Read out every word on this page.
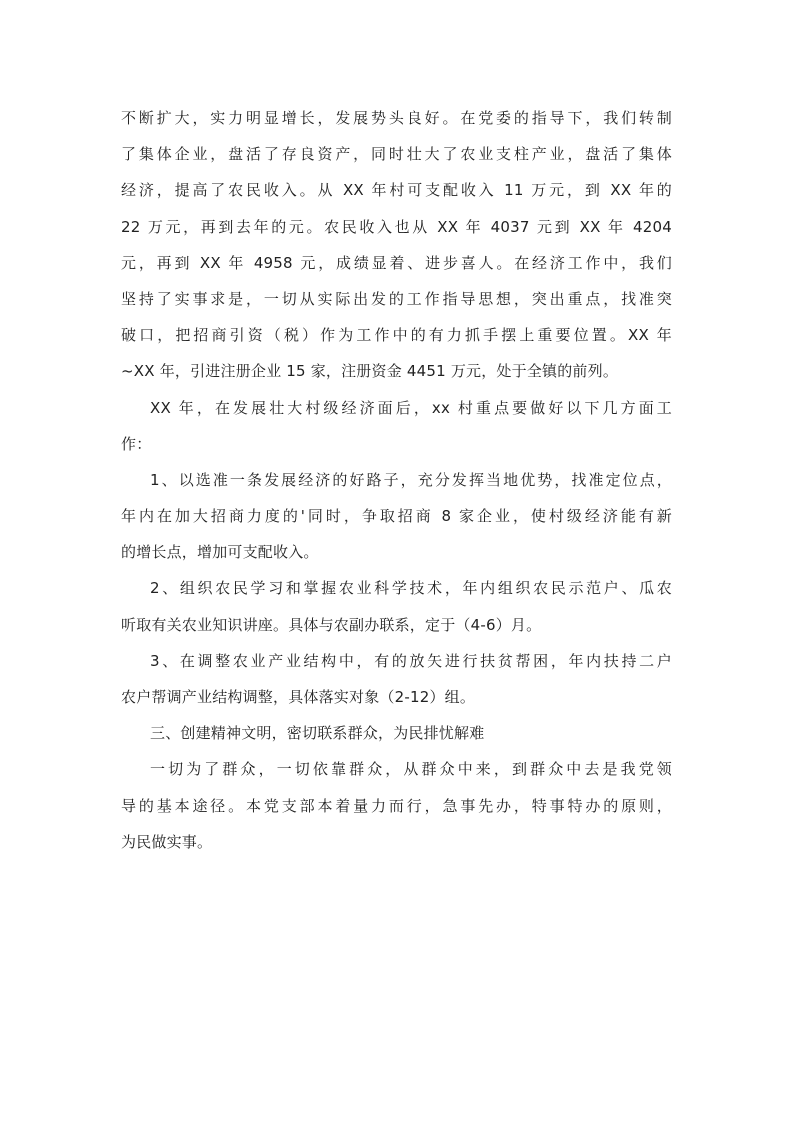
不断扩大，实力明显增长，发展势头良好。在党委的指导下，我们转制
了集体企业，盘活了存良资产，同时壮大了农业支柱产业，盘活了集体
经济，提高了农民收入。从 XX 年村可支配收入 11 万元，到 XX 年的
22 万元，再到去年的元。农民收入也从 XX 年 4037 元到 XX 年 4204
元，再到 XX 年 4958 元，成绩显着、进步喜人。在经济工作中，我们
坚持了实事求是，一切从实际出发的工作指导思想，突出重点，找准突
破口，把招商引资（税）作为工作中的有力抓手摆上重要位置。XX 年
~XX 年，引进注册企业 15 家，注册资金 4451 万元，处于全镇的前列。
XX 年，在发展壮大村级经济面后，xx 村重点要做好以下几方面工
作：
1、以选准一条发展经济的好路子，充分发挥当地优势，找准定位点，
年内在加大招商力度的'同时，争取招商 8 家企业，使村级经济能有新
的增长点，增加可支配收入。
2、组织农民学习和掌握农业科学技术，年内组织农民示范户、瓜农
听取有关农业知识讲座。具体与农副办联系，定于（4-6）月。
3、在调整农业产业结构中，有的放矢进行扶贫帮困，年内扶持二户
农户帮调产业结构调整，具体落实对象（2-12）组。
三、创建精神文明，密切联系群众，为民排忧解难
一切为了群众，一切依靠群众，从群众中来，到群众中去是我党领
导的基本途径。本党支部本着量力而行，急事先办，特事特办的原则，
为民做实事。
